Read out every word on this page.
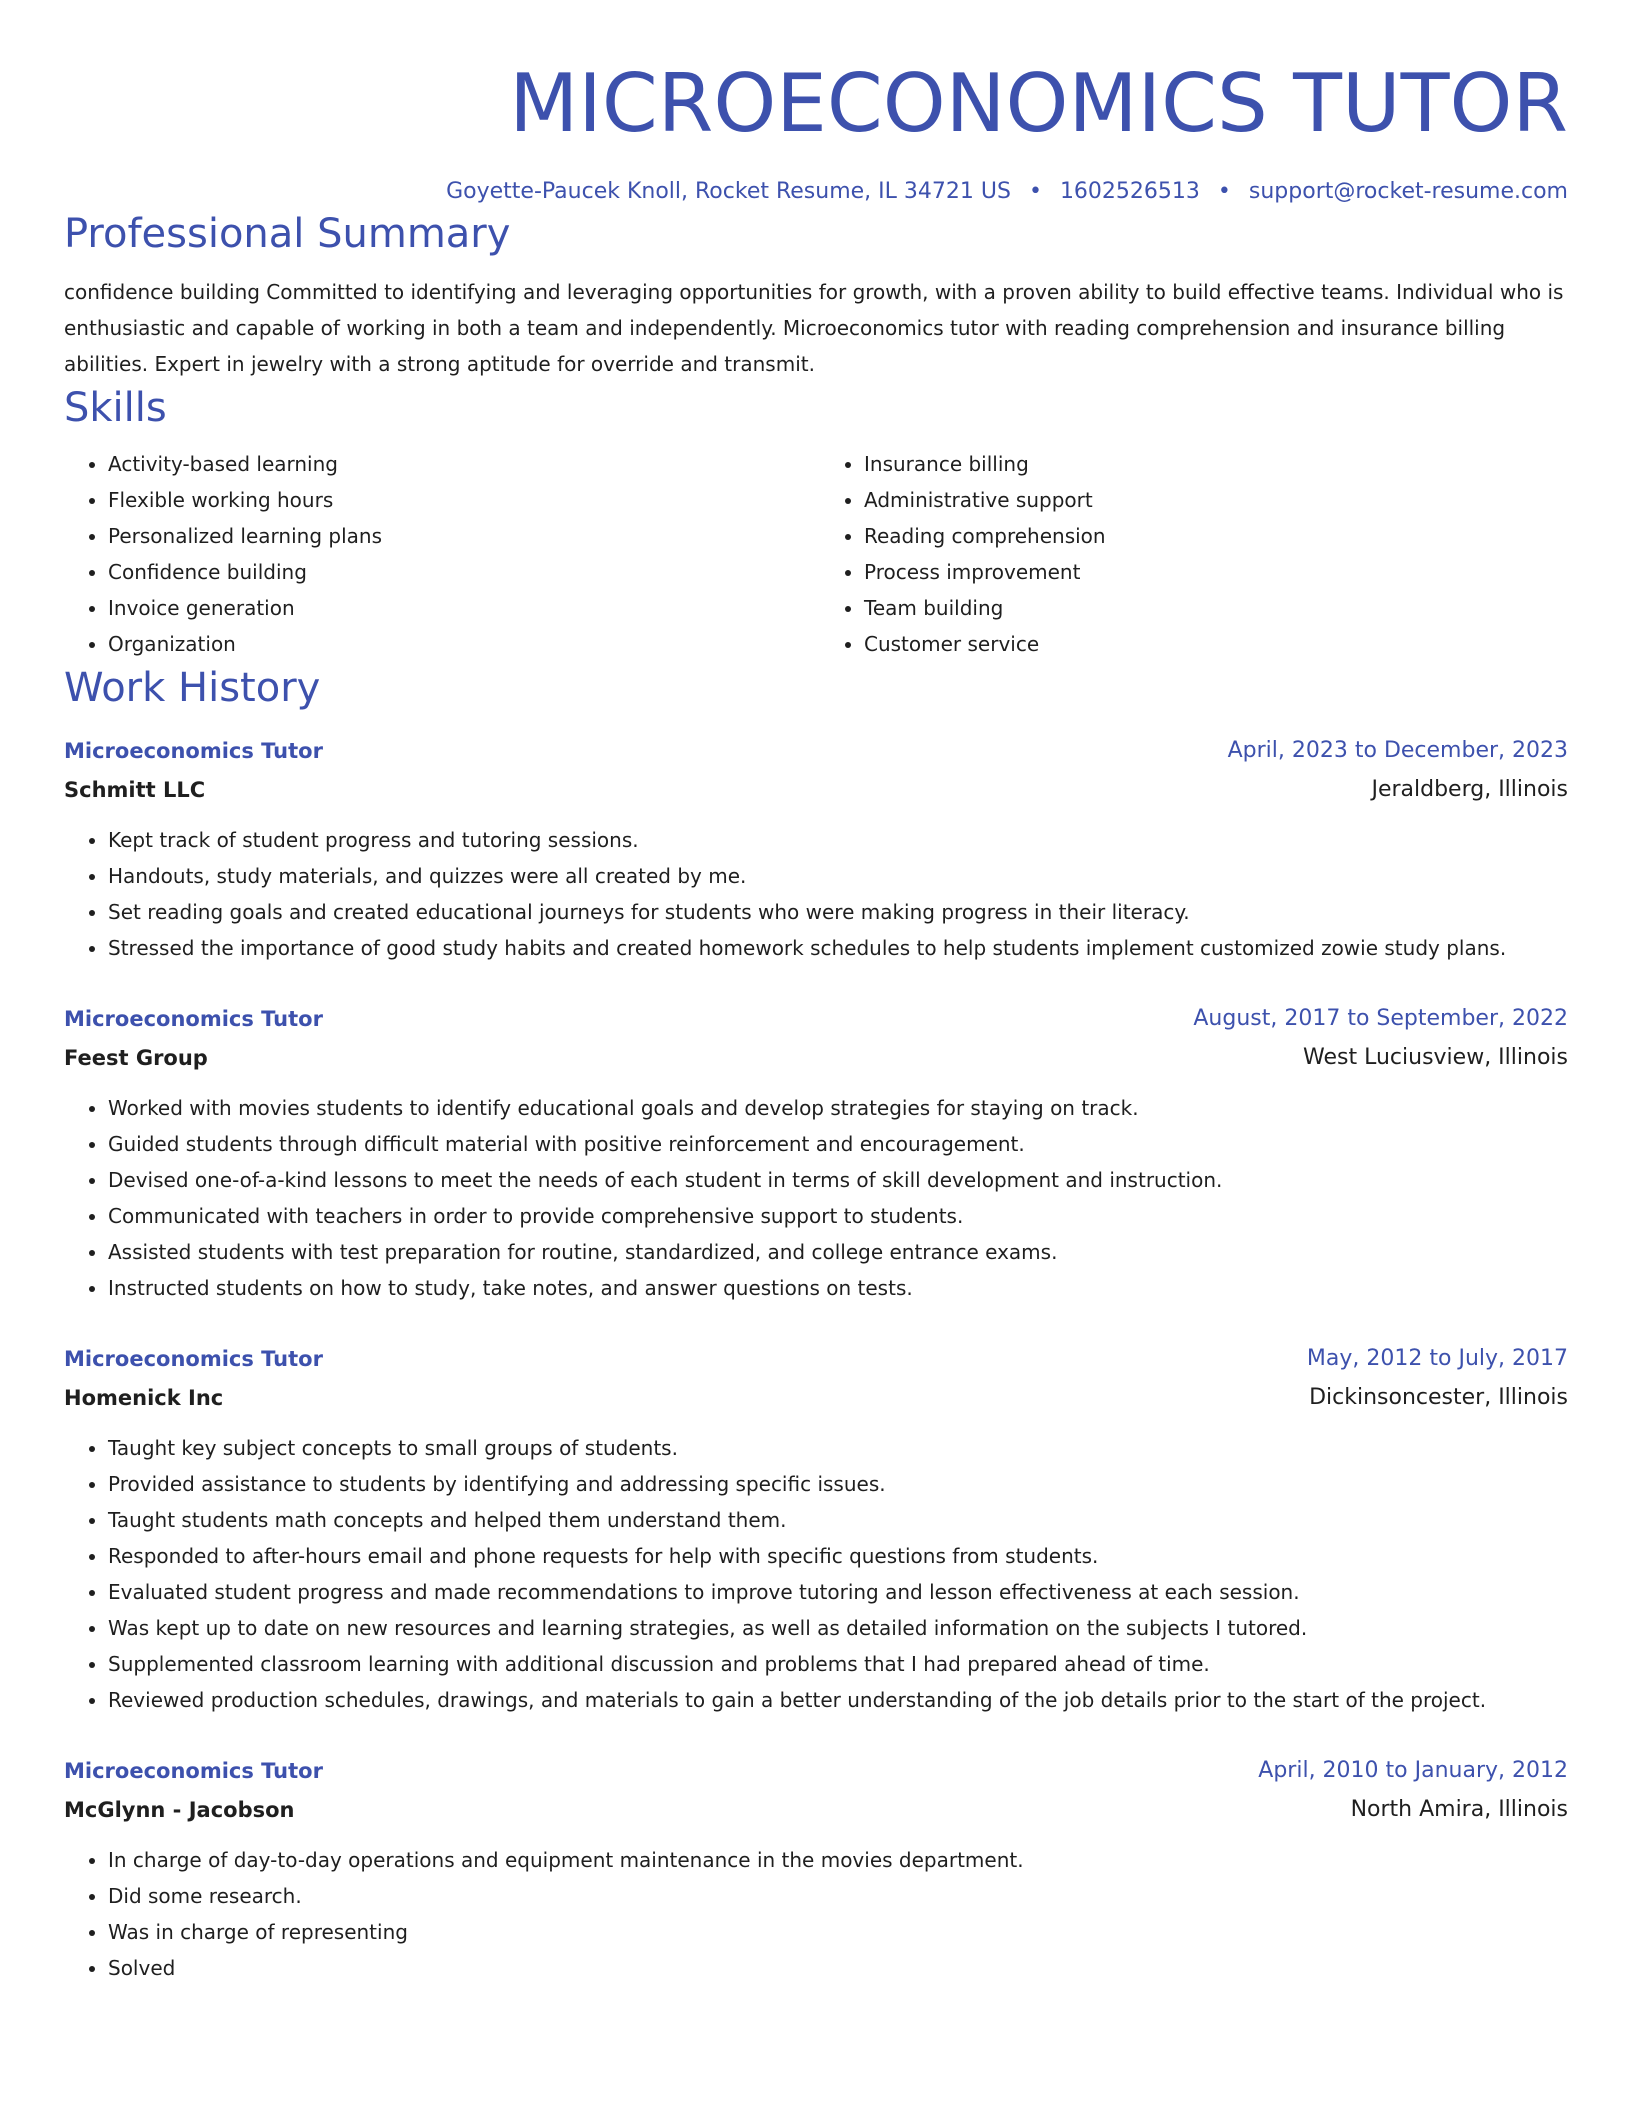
MICROECONOMICS TUTOR
Goyette-Paucek Knoll, Rocket Resume, IL 34721 US • 1602526513 • support@rocket-resume.com
Professional Summary
confidence building Committed to identifying and leveraging opportunities for growth, with a proven ability to build effective teams. Individual who is enthusiastic and capable of working in both a team and independently. Microeconomics tutor with reading comprehension and insurance billing abilities. Expert in jewelry with a strong aptitude for override and transmit.
Skills
• Activity-based learning
• Flexible working hours
• Personalized learning plans
• Confidence building
• Invoice generation
• Organization
• Insurance billing
• Administrative support
• Reading comprehension
• Process improvement
• Team building
• Customer service
Work History
Microeconomics Tutor	April, 2023 to December, 2023
Schmitt LLC	Jeraldberg, Illinois
• Kept track of student progress and tutoring sessions.
• Handouts, study materials, and quizzes were all created by me.
• Set reading goals and created educational journeys for students who were making progress in their literacy.
• Stressed the importance of good study habits and created homework schedules to help students implement customized zowie study plans.
Microeconomics Tutor	August, 2017 to September, 2022
Feest Group	West Luciusview, Illinois
• Worked with movies students to identify educational goals and develop strategies for staying on track.
• Guided students through difficult material with positive reinforcement and encouragement.
• Devised one-of-a-kind lessons to meet the needs of each student in terms of skill development and instruction.
• Communicated with teachers in order to provide comprehensive support to students.
• Assisted students with test preparation for routine, standardized, and college entrance exams.
• Instructed students on how to study, take notes, and answer questions on tests.
Microeconomics Tutor	May, 2012 to July, 2017
Homenick Inc	Dickinsoncester, Illinois
• Taught key subject concepts to small groups of students.
• Provided assistance to students by identifying and addressing specific issues.
• Taught students math concepts and helped them understand them.
• Responded to after-hours email and phone requests for help with specific questions from students.
• Evaluated student progress and made recommendations to improve tutoring and lesson effectiveness at each session.
• Was kept up to date on new resources and learning strategies, as well as detailed information on the subjects I tutored.
• Supplemented classroom learning with additional discussion and problems that I had prepared ahead of time.
• Reviewed production schedules, drawings, and materials to gain a better understanding of the job details prior to the start of the project.
Microeconomics Tutor	April, 2010 to January, 2012
McGlynn - Jacobson	North Amira, Illinois
• In charge of day-to-day operations and equipment maintenance in the movies department.
• Did some research.
• Was in charge of representing
• Solved
